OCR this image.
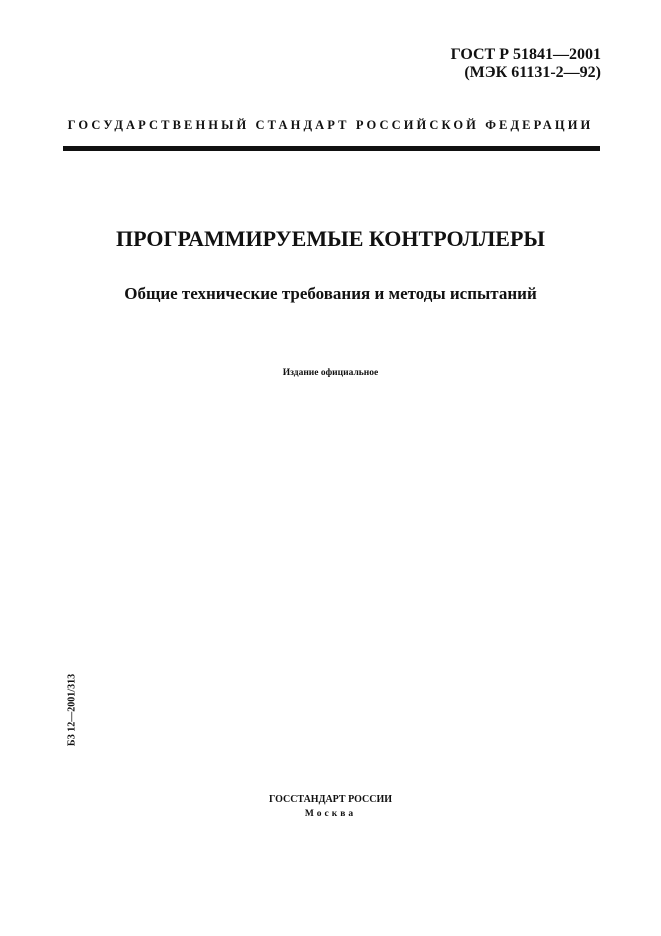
ГОСТ Р 51841—2001
(МЭК 61131-2—92)
ГОСУДАРСТВЕННЫЙ СТАНДАРТ РОССИЙСКОЙ ФЕДЕРАЦИИ
ПРОГРАММИРУЕМЫЕ КОНТРОЛЛЕРЫ
Общие технические требования и методы испытаний
Издание официальное
БЗ 12—2001/313
ГОССТАНДАРТ РОССИИ
Москва
